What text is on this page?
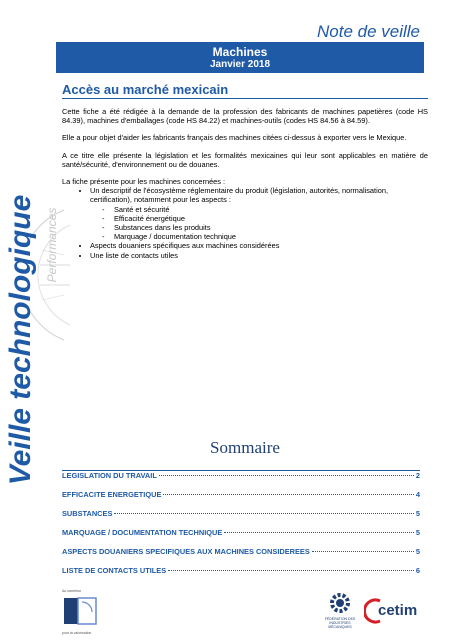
Note de veille
Machines
Janvier 2018
Veille technologique Performances
Accès au marché mexicain

Cette fiche a été rédigée à la demande de la profession des fabricants de machines papetières (code HS 84.39), machines d'emballages (code HS 84.22) et machines-outils (codes HS 84.56 à 84.59).

Elle a pour objet d'aider les fabricants français des machines citées ci-dessus à exporter vers le Mexique.

A ce titre elle présente la législation et les formalités mexicaines qui leur sont applicables en matière de santé/sécurité, d'environnement ou de douanes.

La fiche présente pour les machines concernées :
• Un descriptif de l'écosystème réglementaire du produit (législation, autorités, normalisation, certification), notamment pour les aspects :
- Santé et sécurité
- Efficacité énergétique
- Substances dans les produits
- Marquage / documentation technique
• Aspects douaniers spécifiques aux machines considérées
• Une liste de contacts utiles
Sommaire
LEGISLATION DU TRAVAIL	2
EFFICACITE ENERGETIQUE	4
SUBSTANCES	5
MARQUAGE / DOCUMENTATION TECHNIQUE	5
ASPECTS DOUANIERS SPECIFIQUES AUX MACHINES CONSIDEREES	5
LISTE DE CONTACTS UTILES	6
Au carrefour
pour la valorisation
FÉDÉRATION DES INDUSTRIES MÉCANIQUES
cetim
